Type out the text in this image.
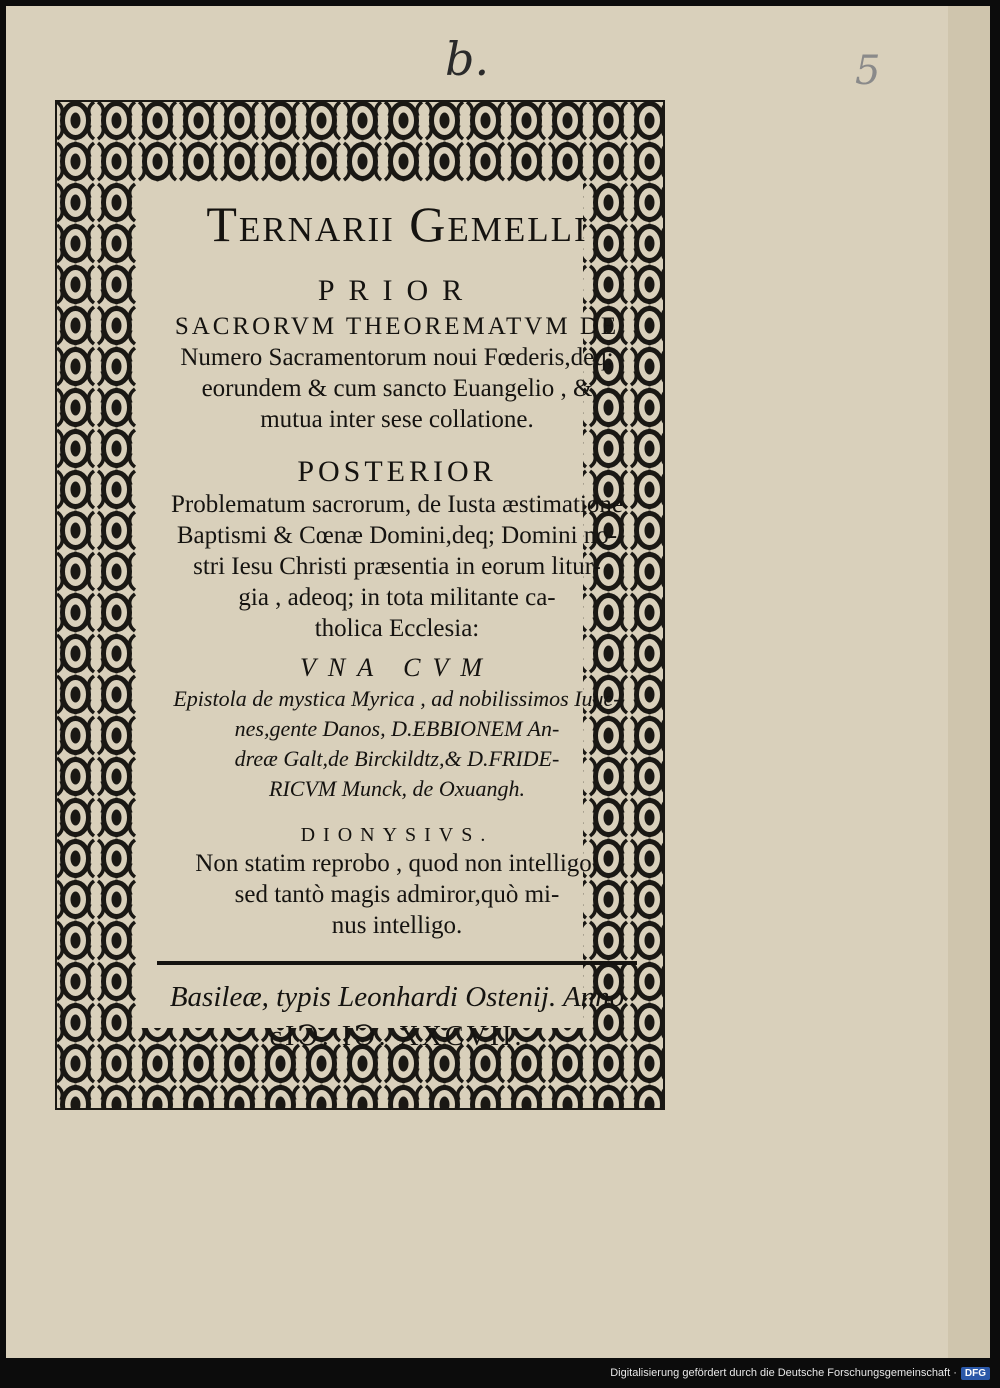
b.	5
Ternarii Gemelli
PRIOR
SACRORVM THEOREMATVM DE
Numero Sacramentorum noui Fœderis,deq;
eorundem & cum sancto Euangelio , &
mutua inter sese collatione.
POSTERIOR
Problematum sacrorum, de Iusta æstimatione
Baptismi & Cœnæ Domini,deq; Domini no-
stri Iesu Christi præsentia in eorum litur-
gia , adeoq; in tota militante ca-
tholica Ecclesia:
VNA CVM
Epistola de mystica Myrica , ad nobilissimos Iuue-
nes,gente Danos, D.EBBIONEM An-
dreæ Galt,de Birckildtz,& D.FRIDE-
RICVM Munck, de Oxuangh.
DIONYSIVS.
Non statim reprobo , quod non intelligo:
sed tantò magis admiror,quò mi-
nus intelligo.
Basileæ, typis Leonhardi Ostenij. Anno
cIↃ. IↃ. XXCVII.
Digitalisierung gefördert durch die Deutsche Forschungsgemeinschaft · DFG
